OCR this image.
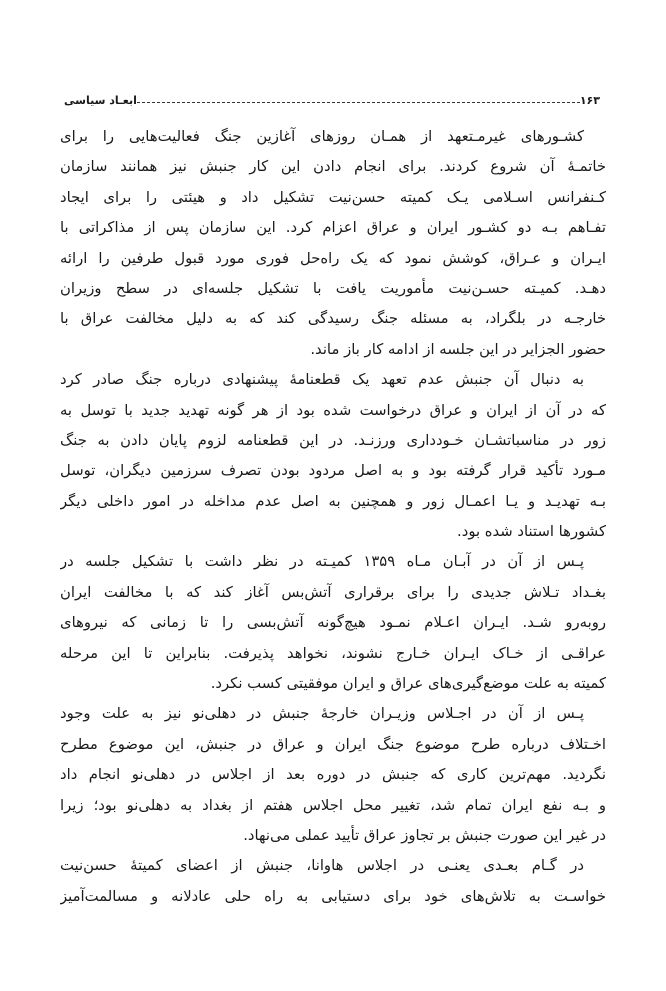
۱۶۳
ابعـاد سیاسی

کشـورهای غیرمـتعهد از همـان روزهای آغازین جنگ فعالیت‌هایی را برای
خاتمـهٔ آن شروع کردند. برای انجام دادن این کار جنبش نیز همانند سازمان
کـنفرانس اسـلامی یـک کمیته حسن‌نیت تشکیل داد و هیئتی را برای ایجاد
تفـاهم بـه دو کشـور ایران و عراق اعزام کرد. این سازمان پس از مذاکراتی با
ایـران و عـراق، کوشش نمود که یک راه‌حل فوری مورد قبول طرفین را ارائه
دهـد. کمیـته حسـن‌نیت مأموریت یافت با تشکیل جلسه‌ای در سطح وزیران
خارجـه در بلگراد، به مسئله جنگ رسیدگی کند که به دلیل مخالفت عراق با
حضور الجزایر در این جلسه از ادامه کار باز ماند.

به دنبال آن جنبش عدم تعهد یک قطعنامهٔ پیشنهادی درباره جنگ صادر کرد
که در آن از ایران و عراق درخواست شده بود از هر گونه تهدید جدید با توسل به
زور در مناسباتشـان خـودداری ورزنـد. در این قطعنامه لزوم پایان دادن به جنگ
مـورد تأکید قرار گرفته بود و به اصل مردود بودن تصرف سرزمین دیگران، توسل
بـه تهدیـد و یـا اعمـال زور و همچنین به اصل عدم مداخله در امور داخلی دیگر
کشورها استناد شده بود.

پـس از آن در آبـان مـاه ۱۳۵۹ کمیـته در نظر داشت با تشکیل جلسه در
بغـداد تـلاش جدیدی را برای برقراری آتش‌بس آغاز کند که با مخالفت ایران
روبه‌رو شـد. ایـران اعـلام نمـود هیچ‌گونه آتش‌بسی را تا زمانی که نیروهای
عراقـی از خـاک ایـران خـارج نشوند، نخواهد پذیرفت. بنابراین تا این مرحله
کمیته به علت موضع‌گیری‌های عراق و ایران موفقیتی کسب نکرد.

پـس از آن در اجـلاس وزیـران خارجهٔ جنبش در دهلی‌نو نیز به علت وجود
اخـتلاف درباره طرح موضوع جنگ ایران و عراق در جنبش، این موضوع مطرح
نگردید. مهم‌ترین کاری که جنبش در دوره بعد از اجلاس در دهلی‌نو انجام داد
و بـه نفع ایران تمام شد، تغییر محل اجلاس هفتم از بغداد به دهلی‌نو بود؛ زیرا
در غیر این صورت جنبش بر تجاوز عراق تأیید عملی می‌نهاد.

در گـام بعـدی یعنـی در اجلاس هاوانا، جنبش از اعضای کمیتهٔ حسن‌نیت
خواسـت به تلاش‌های خود برای دستیابی به راه حلی عادلانه و مسالمت‌آمیز
